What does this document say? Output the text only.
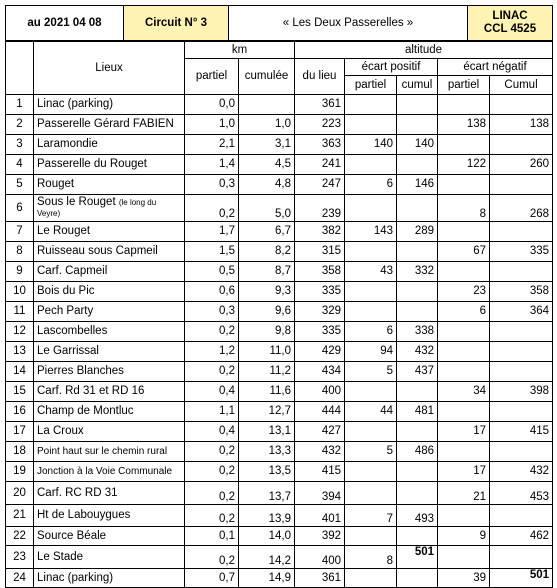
au 2021 04 08	Circuit N° 3	« Les Deux Passerelles »	
LINAC
CCL 4525
	Lieux	km		altitude				
		partiel	cumulée	du lieu	écart positif		écart négatif	
					partiel	cumul	partiel	Cumul
1	Linac (parking)	0,0		361				
2	Passerelle Gérard FABIEN	1,0	1,0	223			138	138
3	Laramondie	2,1	3,1	363	140	140		
4	Passerelle du Rouget	1,4	4,5	241			122	260
5	Rouget	0,3	4,8	247	6	146		
6	Sous le Rouget (le long du Veyre)	0,2	5,0	239			8	268
7	Le Rouget	1,7	6,7	382	143	289		
8	Ruisseau sous Capmeil	1,5	8,2	315			67	335
9	Carf. Capmeil	0,5	8,7	358	43	332		
10	Bois du Pic	0,6	9,3	335			23	358
11	Pech Party	0,3	9,6	329			6	364
12	Lascombelles	0,2	9,8	335	6	338		
13	Le Garrissal	1,2	11,0	429	94	432		
14	Pierres Blanches	0,2	11,2	434	5	437		
15	Carf. Rd 31 et RD 16	0,4	11,6	400			34	398
16	Champ de Montluc	1,1	12,7	444	44	481		
17	La Croux	0,4	13,1	427			17	415
18	Point haut sur le chemin rural	0,2	13,3	432	5	486		
19	Jonction à la Voie Communale	0,2	13,5	415			17	432
20	Carf. RC RD 31	0,2	13,7	394			21	453
21	Ht de Labouygues	0,2	13,9	401	7	493		
22	Source Béale	0,1	14,0	392			9	462
23	Le Stade	0,2	14,2	400	8	501		
24	Linac (parking)	0,7	14,9	361			39	501
